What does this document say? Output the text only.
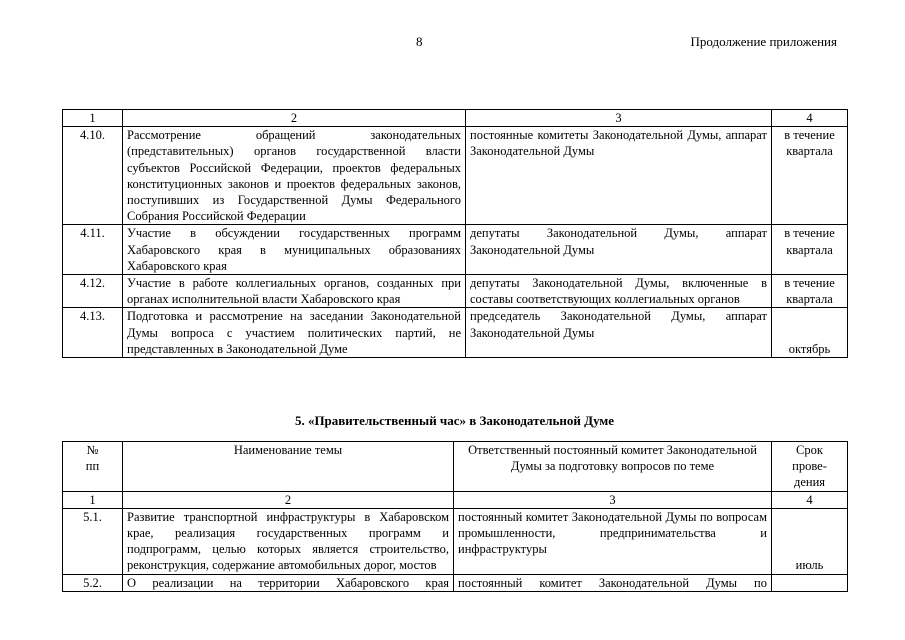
8	Продолжение приложения
1	2	3	4
4.10.	Рассмотрение обращений законодательных (представительных) органов государственной власти субъектов Российской Федерации, проектов федеральных конституционных законов и проектов федеральных законов, поступивших из Государственной Думы Федерального Собрания Российской Федерации	постоянные комитеты Законодательной Думы, аппарат Законодательной Думы	в течение квартала
4.11.	Участие в обсуждении государственных программ Хабаровского края в муниципальных образованиях Хабаровского края	депутаты Законодательной Думы, аппарат Законодательной Думы	в течение квартала
4.12.	Участие в работе коллегиальных органов, созданных при органах исполнительной власти Хабаровского края	депутаты Законодательной Думы, включенные в составы соответствующих коллегиальных органов	в течение квартала
4.13.	Подготовка и рассмотрение на заседании Законодательной Думы вопроса с участием политических партий, не представленных в Законодательной Думе	председатель Законодательной Думы, аппарат Законодательной Думы	октябрь
5. «Правительственный час» в Законодательной Думе
№ пп	Наименование темы	Ответственный постоянный комитет Законодательной Думы за подготовку вопросов по теме	Срок прове- дения
1	2	3	4
5.1.	Развитие транспортной инфраструктуры в Хабаровском крае, реализация государственных программ и подпрограмм, целью которых является строительство, реконструкция, содержание автомобильных дорог, мостов	постоянный комитет Законодательной Думы по вопросам промышленности, предпринимательства и инфраструктуры	июль
5.2.	О реализации на территории Хабаровского края	постоянный комитет Законодательной Думы по	
